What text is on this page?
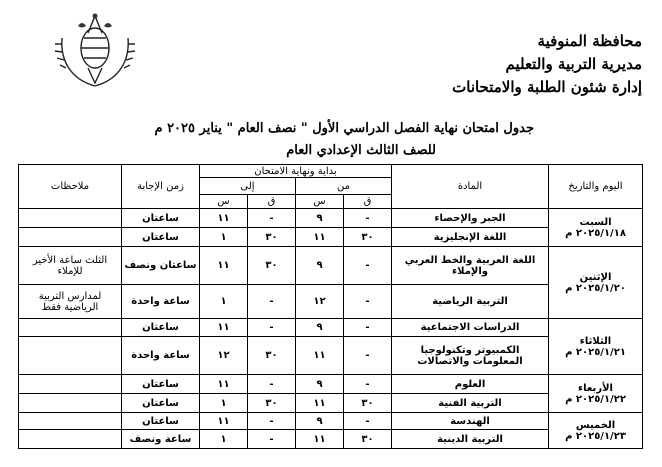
محافظة المنوفية
مديرية التربية والتعليم
إدارة شئون الطلبة والامتحانات
جدول امتحان نهاية الفصل الدراسي الأول " نصف العام " يناير ٢٠٢٥ م
للصف الثالث الإعدادي العام
اليوم والتاريخ	المادة	بداية ونهاية الامتحان				زمن الإجابة	ملاحظات
		من		إلى			
		ق	س	ق	س		

السبت
٢٠٢٥/١/١٨ م	الجبر والإحصاء	-	٩	-	١١	ساعتان	
	اللغة الإنجليزية	٣٠	١١	٣٠	١	ساعتان	

الإثنين
٢٠٢٥/١/٢٠ م	اللغة العربية والخط العربي والإملاء	-	٩	٣٠	١١	ساعتان ونصف	الثلث ساعة الأخير للإملاء
	التربية الرياضية	-	١٢	-	١	ساعة واحدة	لمدارس التربية الرياضية فقط

الثلاثاء
٢٠٢٥/١/٢١ م	الدراسات الاجتماعية	-	٩	-	١١	ساعتان	
	الكمبيوتر وتكنولوجيا المعلومات والاتصالات	-	١١	٣٠	١٢	ساعة واحدة	

الأربعاء
٢٠٢٥/١/٢٢ م	العلوم	-	٩	-	١١	ساعتان	
	التربية الفنية	٣٠	١١	٣٠	١	ساعتان	

الخميس
٢٠٢٥/١/٢٣ م	الهندسة	-	٩	-	١١	ساعتان	
	التربية الدينية	٣٠	١١	-	١	ساعة ونصف	
